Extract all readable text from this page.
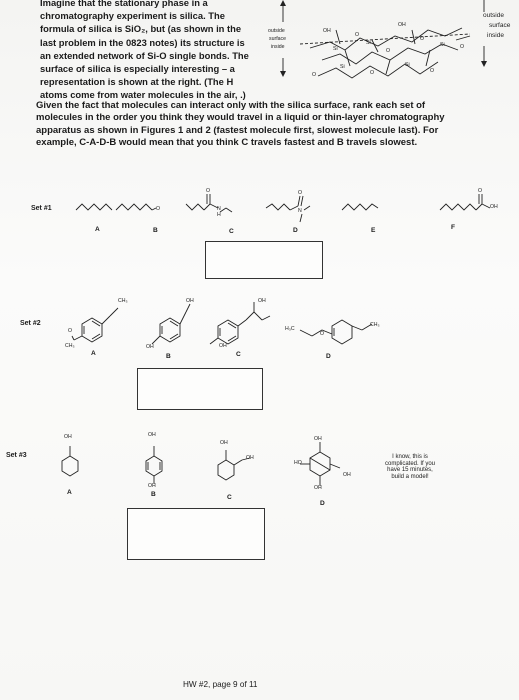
Imagine that the stationary phase in a
chromatography experiment is silica. The
formula of silica is SiO₂, but (as shown in the
last problem in the 0823 notes) its structure is
an extended network of Si-O single bonds. The
surface of silica is especially interesting – a
representation is shown at the right. (The H
atoms come from water molecules in the air, .)
outside
surface
inside
outside
surface
inside
OH
OH
Si
Si	Si
Si	Si
O
O
O
O
O	O	O
Given the fact that molecules can interact only with the silica surface, rank each set of
molecules in the order you think they would travel in a liquid or thin-layer chromatography
apparatus as shown in Figures 1 and 2 (fastest molecule first, slowest molecule last). For
example, C-A-D-B would mean that you think C travels fastest and B travels slowest.
Set #1	O
O
N
H
O
N
O
OH
A	B	C	D	E	F
Set #2
CH₃
O
CH₃
OH
OH
OH
OH
H₃C
O
CH₃
A	B	C	D
Set #3
OH	OH
OH
OH
OH
OH
HO
OH
OH
A	B	C
D
I know, this is
complicated. If you
have 15 minutes,
build a model!
HW #2, page 9 of 11
